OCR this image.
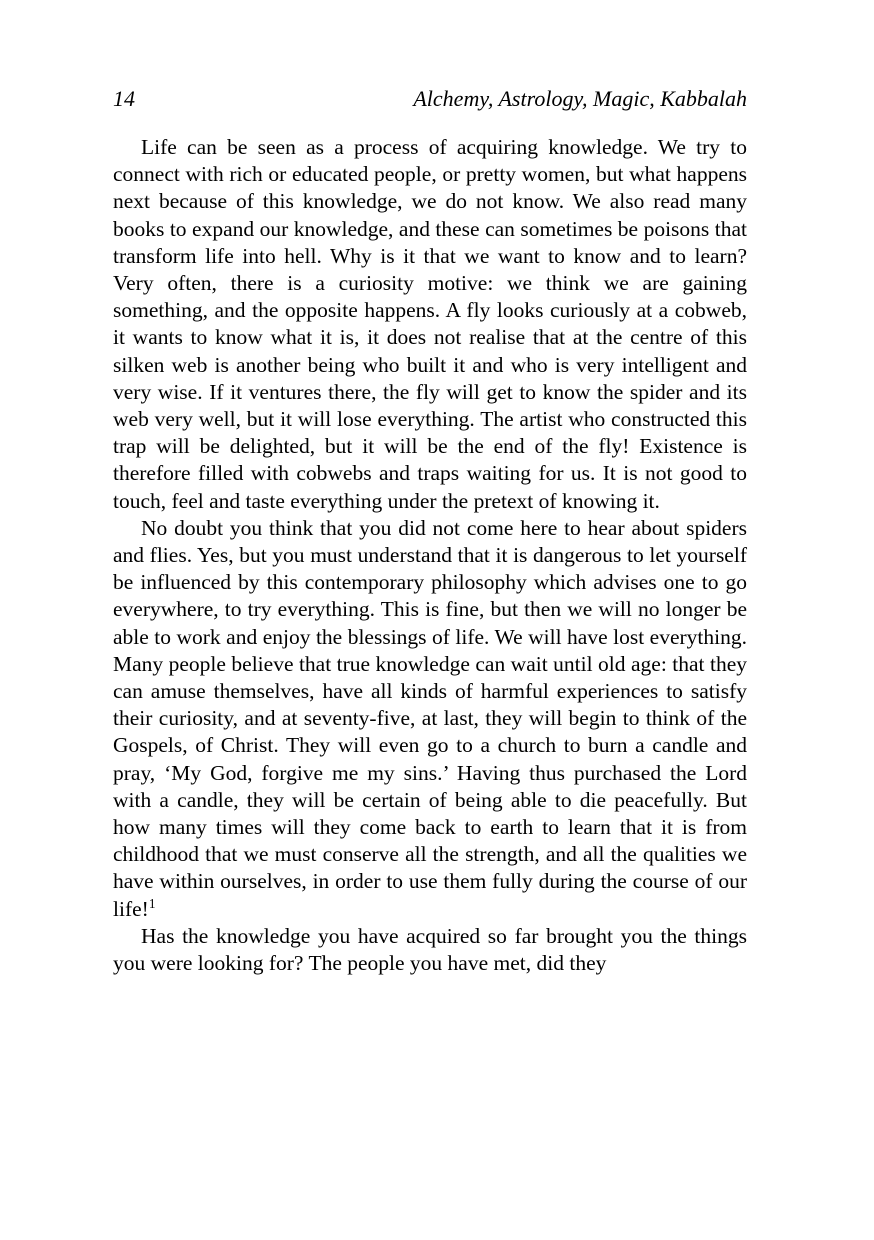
14	Alchemy, Astrology, Magic, Kabbalah

Life can be seen as a process of acquiring knowledge. We try to connect with rich or educated people, or pretty women, but what happens next because of this knowledge, we do not know. We also read many books to expand our knowledge, and these can sometimes be poisons that transform life into hell. Why is it that we want to know and to learn? Very often, there is a curiosity motive: we think we are gaining something, and the opposite happens. A fly looks curiously at a cobweb, it wants to know what it is, it does not realise that at the centre of this silken web is another being who built it and who is very intelligent and very wise. If it ventures there, the fly will get to know the spider and its web very well, but it will lose everything. The artist who constructed this trap will be delighted, but it will be the end of the fly! Existence is therefore filled with cobwebs and traps waiting for us. It is not good to touch, feel and taste everything under the pretext of knowing it.

No doubt you think that you did not come here to hear about spiders and flies. Yes, but you must understand that it is dangerous to let yourself be influenced by this contemporary philosophy which advises one to go everywhere, to try everything. This is fine, but then we will no longer be able to work and enjoy the blessings of life. We will have lost everything. Many people believe that true knowledge can wait until old age: that they can amuse themselves, have all kinds of harmful experiences to satisfy their curiosity, and at seventy-five, at last, they will begin to think of the Gospels, of Christ. They will even go to a church to burn a candle and pray, ‘My God, forgive me my sins.’ Having thus purchased the Lord with a candle, they will be certain of being able to die peacefully. But how many times will they come back to earth to learn that it is from childhood that we must conserve all the strength, and all the qualities we have within ourselves, in order to use them fully during the course of our life!$^1$

Has the knowledge you have acquired so far brought you the things you were looking for? The people you have met, did they
